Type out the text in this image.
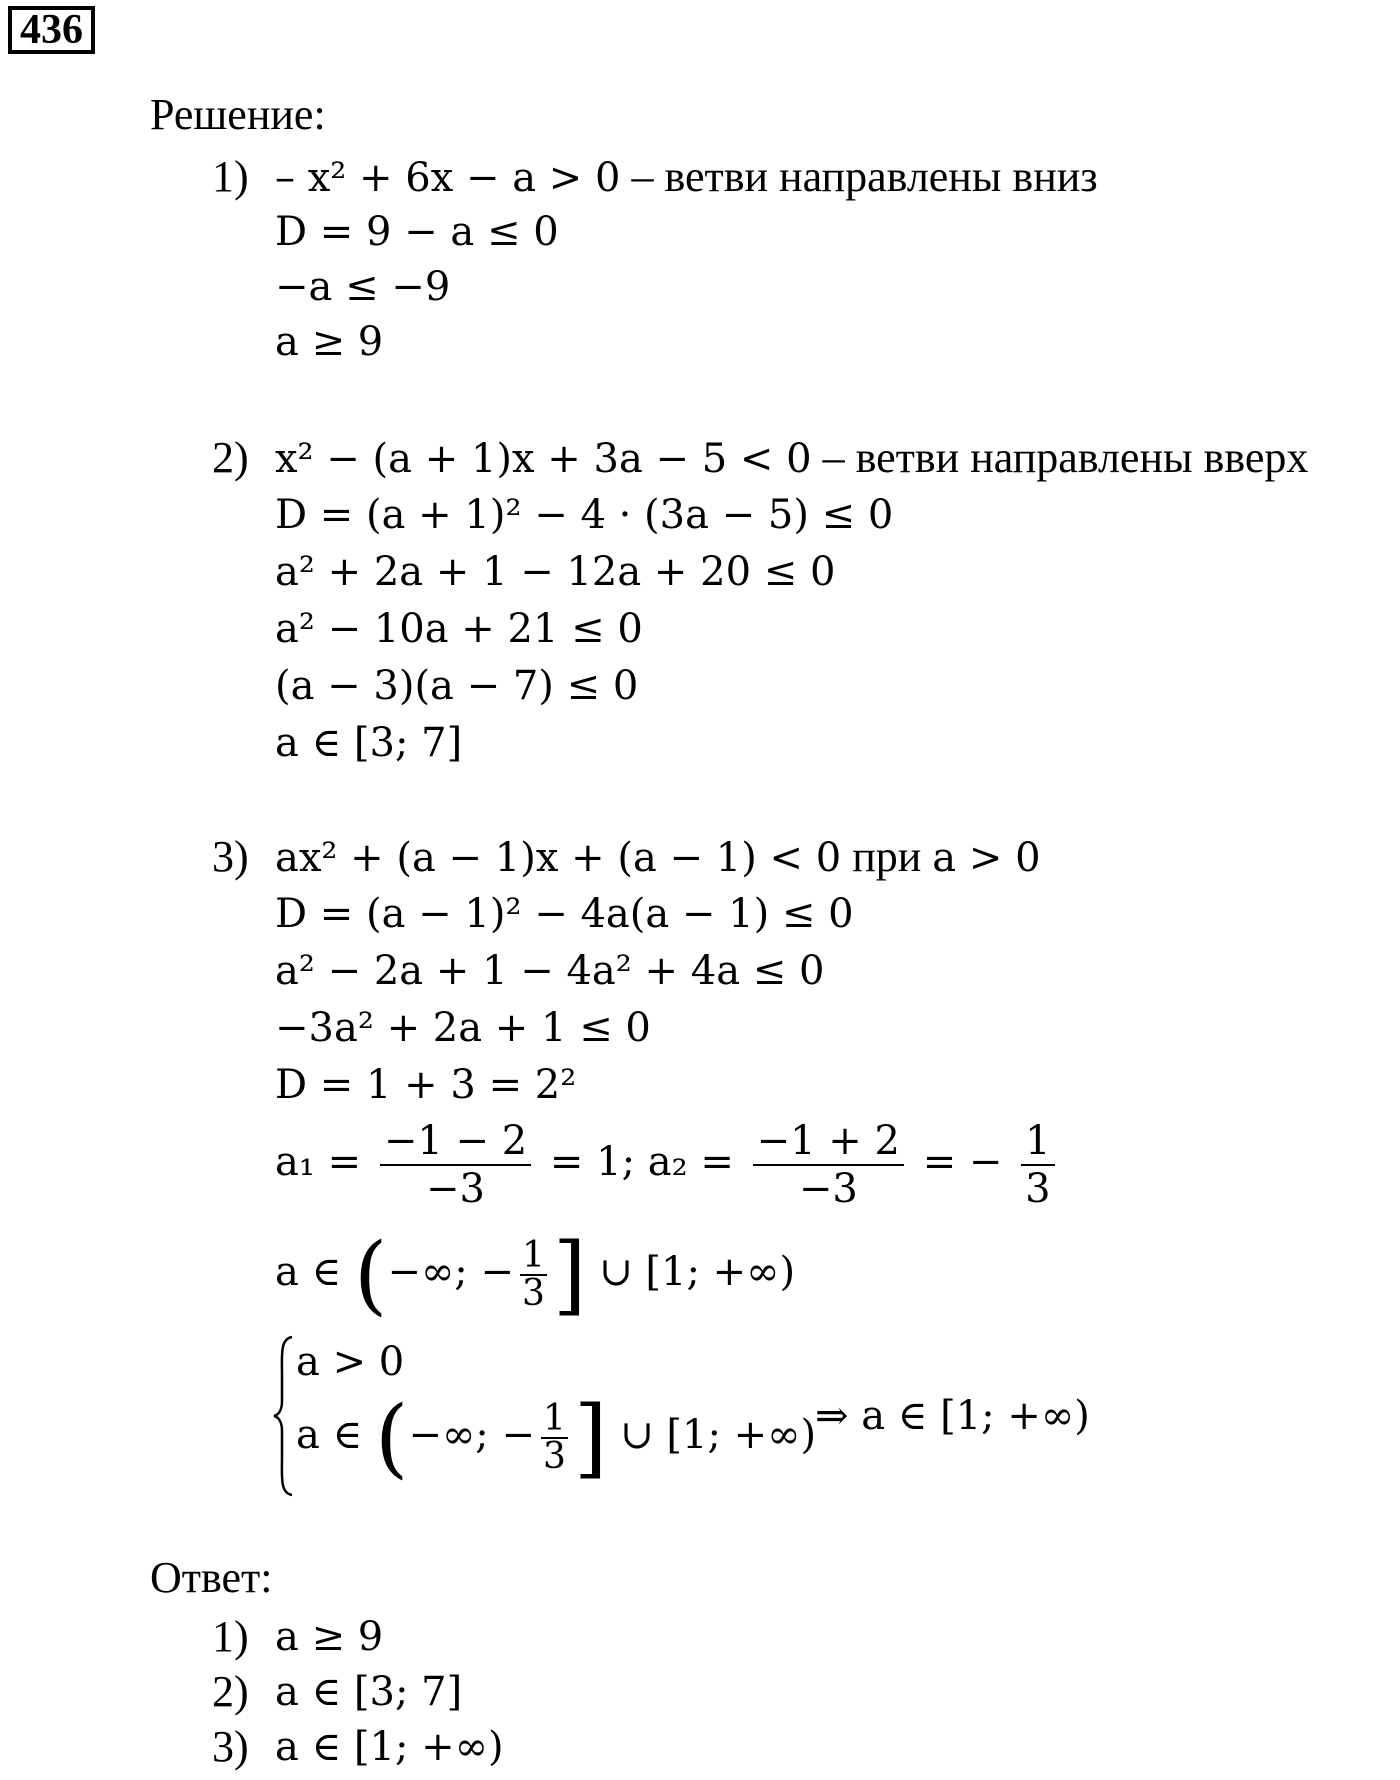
436
Решение:
1) – x² + 6x − a > 0 – ветви направлены вниз
D = 9 − a ≤ 0
−a ≤ −9
a ≥ 9
2) x² − (a + 1)x + 3a − 5 < 0 – ветви направлены вверх
D = (a + 1)² − 4 · (3a − 5) ≤ 0
a² + 2a + 1 − 12a + 20 ≤ 0
a² − 10a + 21 ≤ 0
(a − 3)(a − 7) ≤ 0
a ∈ [3; 7]
3) ax² + (a − 1)x + (a − 1) < 0 при a > 0
D = (a − 1)² − 4a(a − 1) ≤ 0
a² − 2a + 1 − 4a² + 4a ≤ 0
−3a² + 2a + 1 ≤ 0
D = 1 + 3 = 2²
$a_1 = \frac{-1 - 2}{-3} = 1$; $a_2 = \frac{-1 + 2}{-3}$ = − $\frac{1}{3}$
a ∈ (−∞; − $\frac{1}{3}$ ] ∪ [1; +∞)
a > 0
a ∈ (−∞; − $\frac{1}{3}$ ] ∪ [1; +∞)
⇒ a ∈ [1; +∞)
Ответ:
1) a ≥ 9
2) a ∈ [3; 7]
3) a ∈ [1; +∞)
